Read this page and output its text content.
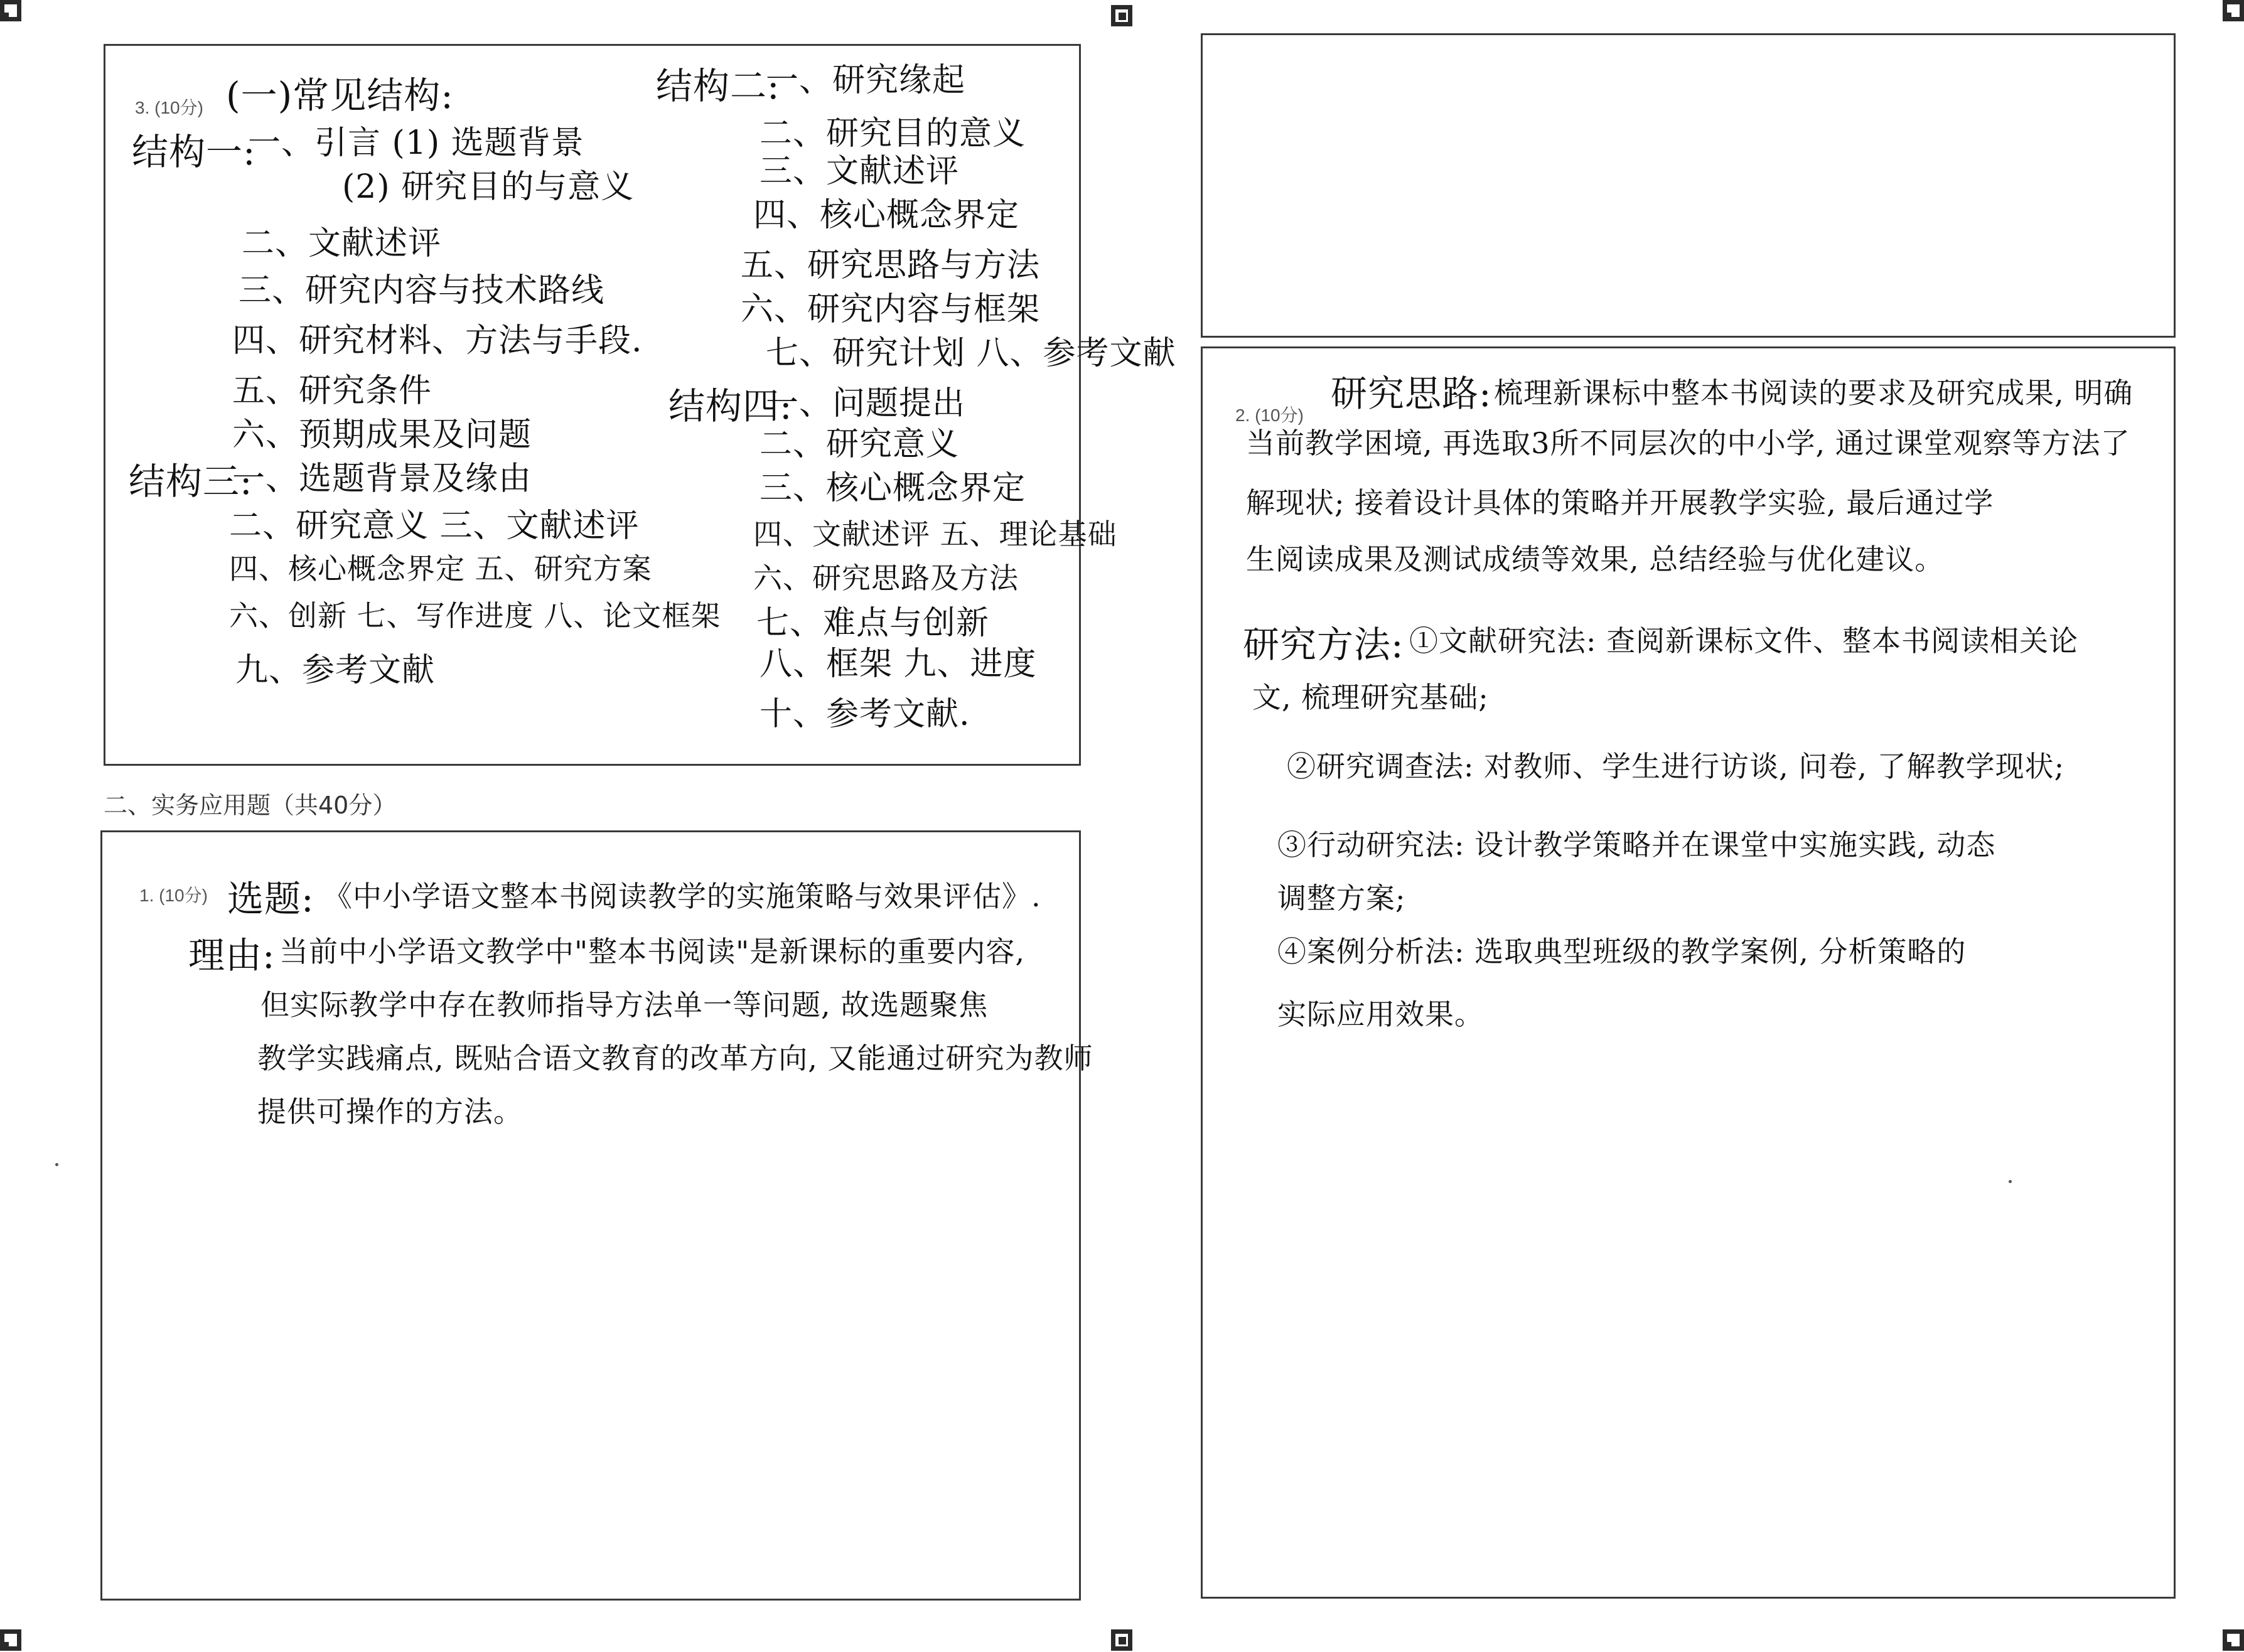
3. (10分) (一)常见结构:
结构一:
一、引言 (1) 选题背景
(2) 研究目的与意义
二、文献述评
三、研究内容与技术路线
四、研究材料、方法与手段.
五、研究条件
六、预期成果及问题
结构三:
一、选题背景及缘由
二、研究意义 三、文献述评
四、核心概念界定 五、研究方案
六、创新 七、写作进度 八、论文框架
九、参考文献
结构二:
一、研究缘起
二、研究目的意义
三、文献述评
四、核心概念界定
五、研究思路与方法
六、研究内容与框架
七、研究计划 八、参考文献
结构四:
一、问题提出
二、研究意义
三、核心概念界定
四、文献述评 五、理论基础
六、研究思路及方法
七、难点与创新
八、框架 九、进度
十、参考文献.
二、实务应用题（共40分）
1. (10分) 选题: 《中小学语文整本书阅读教学的实施策略与效果评估》.
理由: 当前中小学语文教学中"整本书阅读"是新课标的重要内容,
但实际教学中存在教师指导方法单一等问题, 故选题聚焦
教学实践痛点, 既贴合语文教育的改革方向, 又能通过研究为教师
提供可操作的方法。
2. (10分)
研究思路: 梳理新课标中整本书阅读的要求及研究成果, 明确
当前教学困境, 再选取3所不同层次的中小学, 通过课堂观察等方法了
解现状; 接着设计具体的策略并开展教学实验, 最后通过学
生阅读成果及测试成绩等效果, 总结经验与优化建议。
研究方法: ①文献研究法: 查阅新课标文件、整本书阅读相关论
文, 梳理研究基础;
②研究调查法: 对教师、学生进行访谈, 问卷, 了解教学现状;
③行动研究法: 设计教学策略并在课堂中实施实践, 动态
调整方案;
④案例分析法: 选取典型班级的教学案例, 分析策略的
实际应用效果。
